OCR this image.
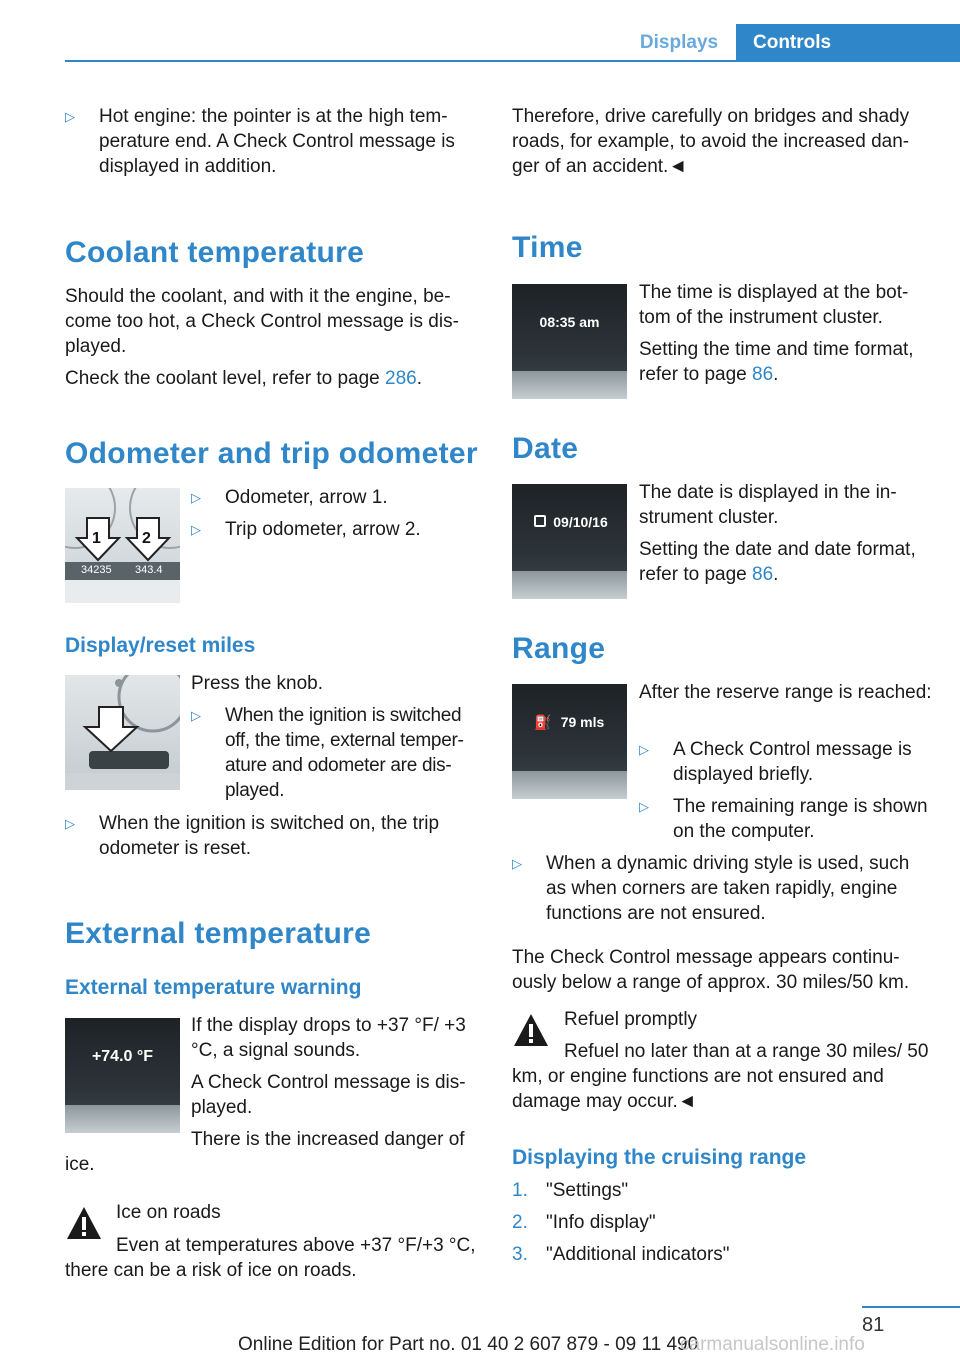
Displays	Controls
▷ Hot engine: the pointer is at the high tem-perature end. A Check Control message is displayed in addition.
Coolant temperature
Should the coolant, and with it the engine, be-come too hot, a Check Control message is dis-played.
Check the coolant level, refer to page 286.
Odometer and trip odometer
1	2
34235 343.4
▷ Odometer, arrow 1.
▷ Trip odometer, arrow 2.
Display/reset miles
Press the knob.
▷ When the ignition is switched off, the time, external temper-ature and odometer are dis-played.
▷ When the ignition is switched on, the trip odometer is reset.
External temperature
External temperature warning
+74.0 °F
If the display drops to +37 °F/ +3 °C, a signal sounds.
A Check Control message is dis-played.
There is the increased danger of ice.
Ice on roads
Even at temperatures above +37 °F/+3 °C, there can be a risk of ice on roads.
Therefore, drive carefully on bridges and shady roads, for example, to avoid the increased dan-ger of an accident.◄
Time
08:35 am
The time is displayed at the bot-tom of the instrument cluster.
Setting the time and time format, refer to page 86.
Date
09/10/16
The date is displayed in the in-strument cluster.
Setting the date and date format, refer to page 86.
Range
⛽ 79 mls
After the reserve range is reached:
▷ A Check Control message is displayed briefly.
▷ The remaining range is shown on the computer.
▷ When a dynamic driving style is used, such as when corners are taken rapidly, engine functions are not ensured.
The Check Control message appears continu-ously below a range of approx. 30 miles/50 km.
Refuel promptly
Refuel no later than at a range 30 miles/ 50 km, or engine functions are not ensured and damage may occur.◄
Displaying the cruising range
1. "Settings"
2. "Info display"
3. "Additional indicators"
81
Online Edition for Part no. 01 40 2 607 879 - 09 11 490
carmanualsonline.info
